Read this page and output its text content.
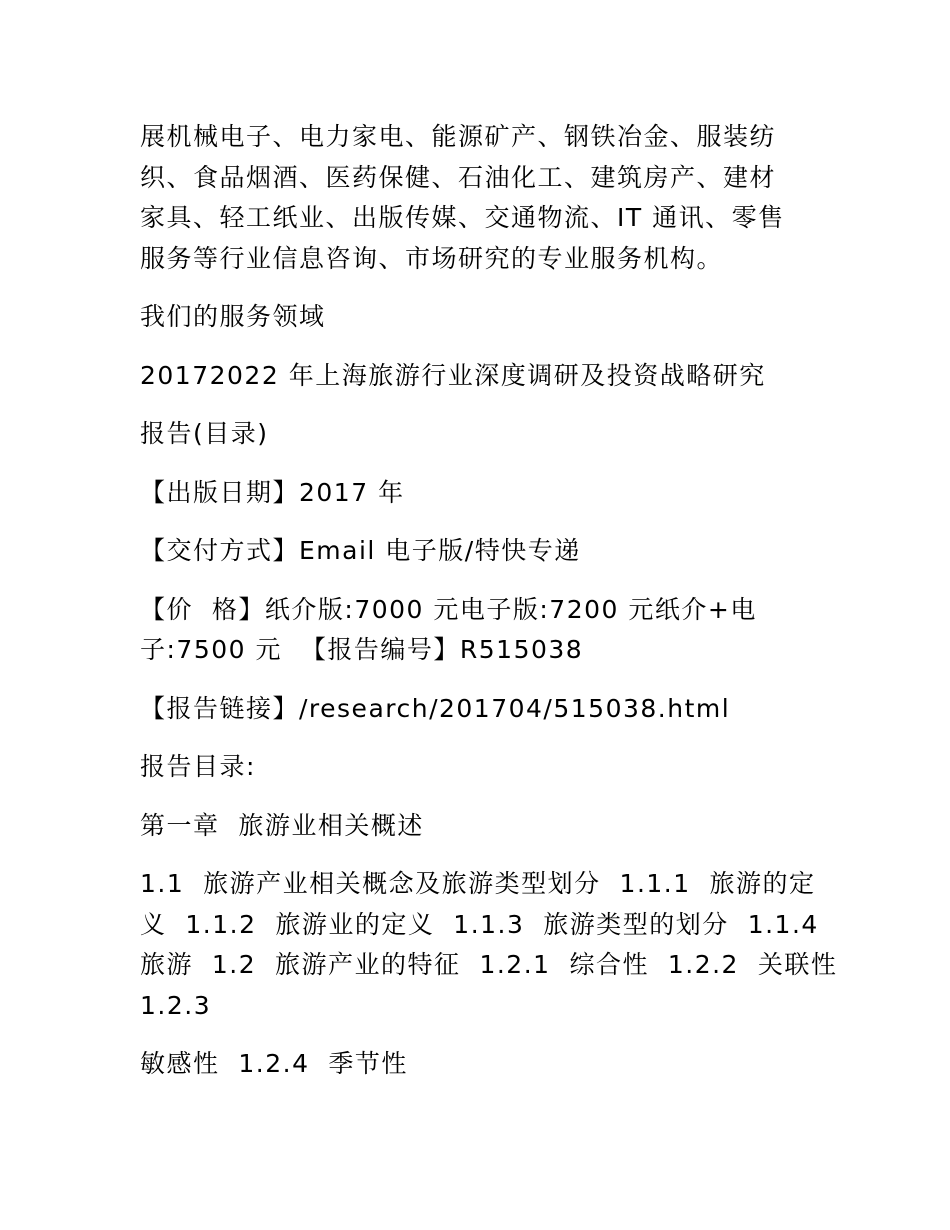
展机械电子、电力家电、能源矿产、钢铁冶金、服装纺
织、食品烟酒、医药保健、石油化工、建筑房产、建材
家具、轻工纸业、出版传媒、交通物流、IT 通讯、零售
服务等行业信息咨询、市场研究的专业服务机构。

我们的服务领域

20172022 年上海旅游行业深度调研及投资战略研究

报告(目录)

【出版日期】2017 年

【交付方式】Email 电子版/特快专递

【价  格】纸介版:7000 元电子版:7200 元纸介+电
子:7500 元  【报告编号】R515038

【报告链接】/research/201704/515038.html

报告目录:

第一章  旅游业相关概述

1.1  旅游产业相关概念及旅游类型划分  1.1.1  旅游的定
义  1.1.2  旅游业的定义  1.1.3  旅游类型的划分  1.1.4
旅游  1.2  旅游产业的特征  1.2.1  综合性  1.2.2  关联性
1.2.3

敏感性  1.2.4  季节性
